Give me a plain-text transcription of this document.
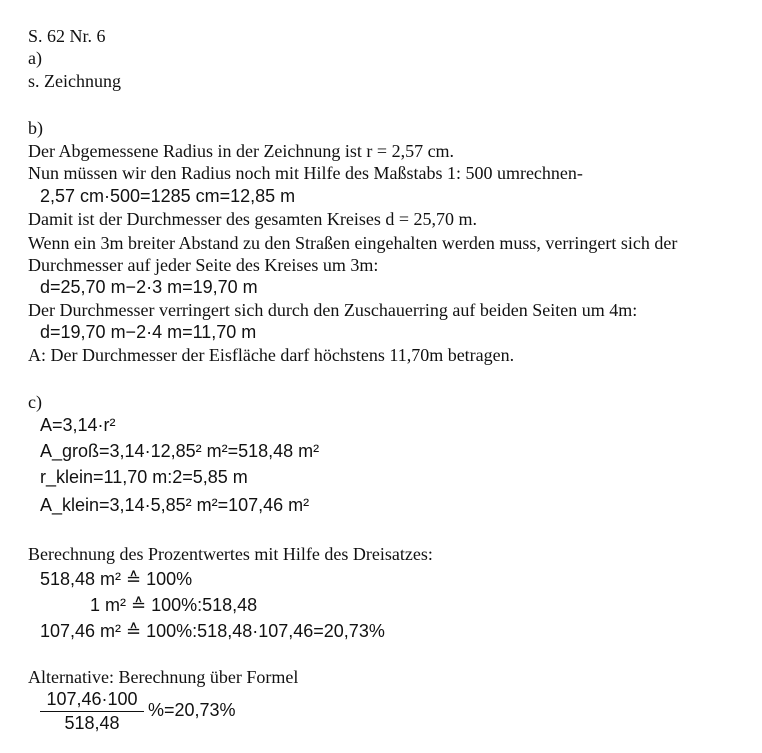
S. 62 Nr. 6
a)
s. Zeichnung
b)
Der Abgemessene Radius in der Zeichnung ist r = 2,57 cm.
Nun müssen wir den Radius noch mit Hilfe des Maßstabs 1: 500 umrechnen-
2,57 cm·500=1285 cm=12,85 m
Damit ist der Durchmesser des gesamten Kreises d = 25,70 m.
Wenn ein 3m breiter Abstand zu den Straßen eingehalten werden muss, verringert sich der
Durchmesser auf jeder Seite des Kreises um 3m:
d=25,70 m−2·3 m=19,70 m
Der Durchmesser verringert sich durch den Zuschauerring auf beiden Seiten um 4m:
d=19,70 m−2·4 m=11,70 m
A: Der Durchmesser der Eisfläche darf höchstens 11,70m betragen.
c)
A=3,14·r²
A_groß=3,14·12,85² m²=518,48 m²
r_klein=11,70 m:2=5,85 m
A_klein=3,14·5,85² m²=107,46 m²
Berechnung des Prozentwertes mit Hilfe des Dreisatzes:
518,48 m² ≙ 100%
1 m² ≙ 100%:518,48
107,46 m² ≙ 100%:518,48·107,46=20,73%
Alternative: Berechnung über Formel
$\frac{107,46\cdot 100}{518,48} \%=20,73\%$
